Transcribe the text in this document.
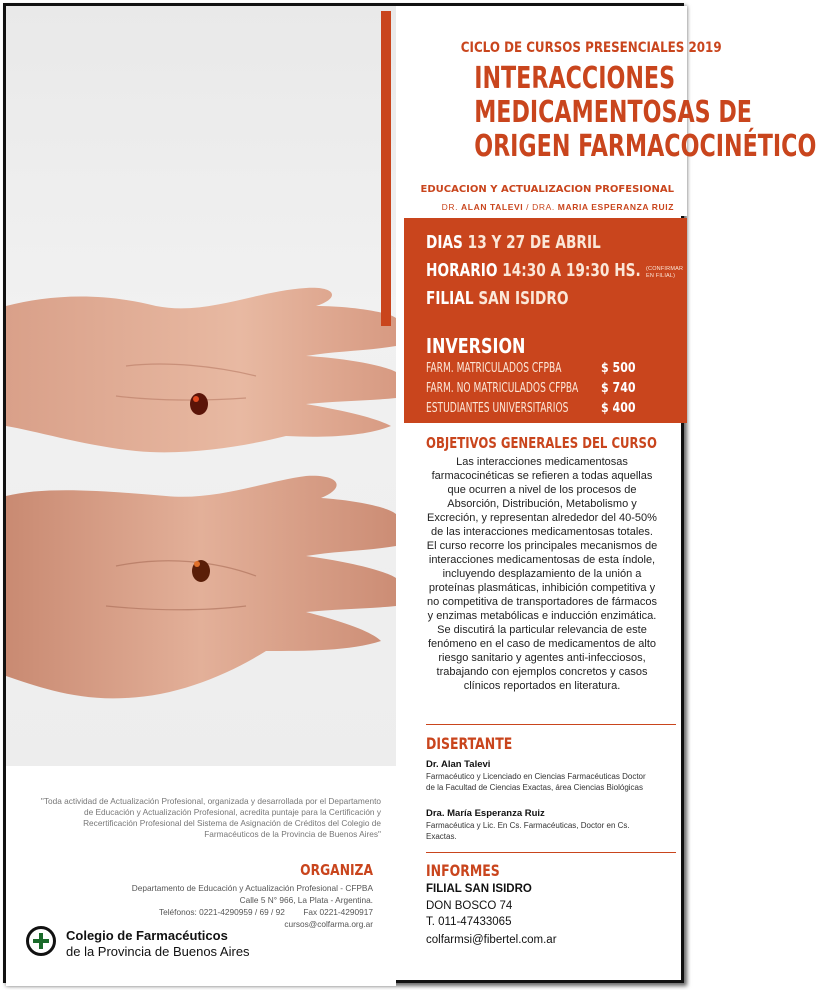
"Toda actividad de Actualización Profesional, organizada y desarrollada por el Departamento de Educación y Actualización Profesional, acredita puntaje para la Certificación y Recertificación Profesional del Sistema de Asignación de Créditos del Colegio de Farmacéuticos de la Provincia de Buenos Aires"
ORGANIZA
Departamento de Educación y Actualización Profesional - CFPBA
Calle 5 N° 966, La Plata - Argentina.
Teléfonos: 0221-4290959 / 69 / 92        Fax 0221-4290917
cursos@colfarma.org.ar
Colegio de Farmacéuticos
de la Provincia de Buenos Aires
CICLO DE CURSOS PRESENCIALES 2019
INTERACCIONES
MEDICAMENTOSAS DE
ORIGEN FARMACOCINÉTICO
EDUCACION Y ACTUALIZACION PROFESIONAL
DR. ALAN TALEVI / DRA. MARIA ESPERANZA RUIZ
DIAS 13 Y 27 DE ABRIL
HORARIO 14:30 A 19:30 HS. (CONFIRMAR
EN FILIAL)
FILIAL SAN ISIDRO
INVERSION
FARM. MATRICULADOS CFPBA	$ 500
FARM. NO MATRICULADOS CFPBA $ 740
ESTUDIANTES UNIVERSITARIOS	$ 400
OBJETIVOS GENERALES DEL CURSO
Las interacciones medicamentosas farmacocinéticas se refieren a todas aquellas que ocurren a nivel de los procesos de Absorción, Distribución, Metabolismo y Excreción, y representan alrededor del 40-50% de las interacciones medicamentosas totales. El curso recorre los principales mecanismos de interacciones medicamentosas de esta índole, incluyendo desplazamiento de la unión a proteínas plasmáticas, inhibición competitiva y no competitiva de transportadores de fármacos y enzimas metabólicas e inducción enzimática. Se discutirá la particular relevancia de este fenómeno en el caso de medicamentos de alto riesgo sanitario y agentes anti-infecciosos, trabajando con ejemplos concretos y casos clínicos reportados en literatura.
DISERTANTE
Dr. Alan Talevi
Farmacéutico y Licenciado en Ciencias Farmacéuticas Doctor de la Facultad de Ciencias Exactas, área Ciencias Biológicas
Dra. María Esperanza Ruiz
Farmacéutica y Lic. En Cs. Farmacéuticas, Doctor en Cs. Exactas.
INFORMES
FILIAL SAN ISIDRO
DON BOSCO 74
T. 011-47433065
colfarmsi@fibertel.com.ar
